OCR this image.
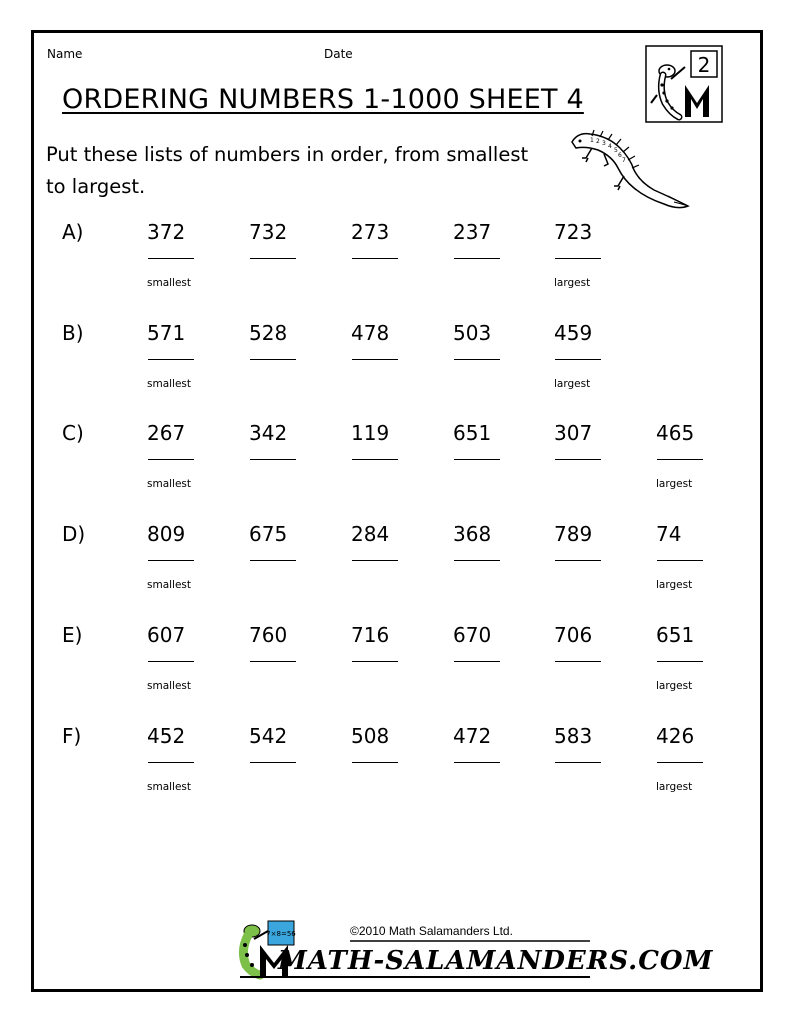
Name	Date
ORDERING NUMBERS 1-1000 SHEET 4
2
Put these lists of numbers in order, from smallest to largest.
1 2 3 4
5
6
7
A)	372	732	273	237	723
smallest	largest
B)	571	528	478	503	459
smallest	largest
C)	267	342	119	651	307	465
smallest	largest
D)	809	675	284	368	789	74
smallest	largest
E)	607	760	716	670	706	651
smallest	largest
F)	452	542	508	472	583	426
smallest	largest
7×8=56	©2010 Math Salamanders Ltd.
MATH-SALAMANDERS.COM
